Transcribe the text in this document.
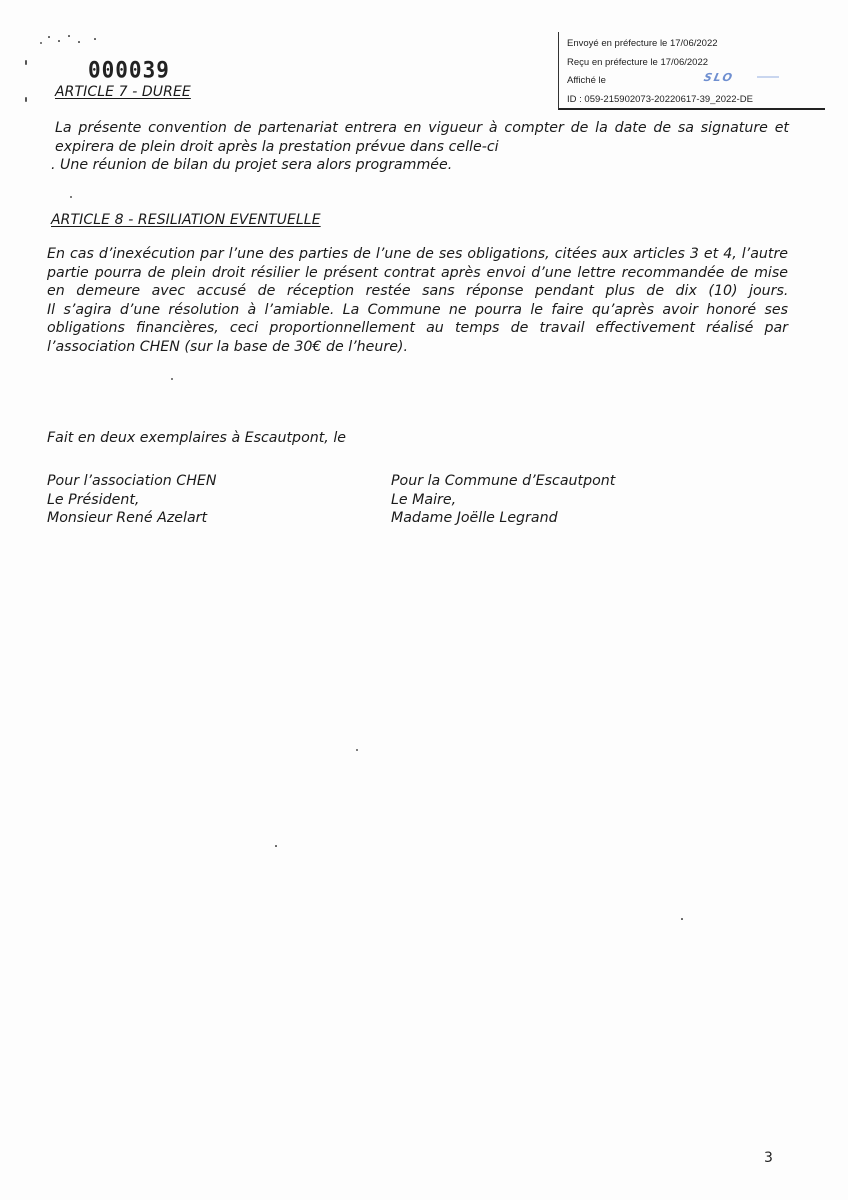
Envoyé en préfecture le 17/06/2022
Reçu en préfecture le 17/06/2022
Affiché le	SLO
ID : 059-215902073-20220617-39_2022-DE
000039
ARTICLE 7 - DUREE
La présente convention de partenariat entrera en vigueur à compter de la date de sa signature et
expirera de plein droit après la prestation prévue dans celle-ci
. Une réunion de bilan du projet sera alors programmée.
ARTICLE 8 - RESILIATION EVENTUELLE
En cas d’inexécution par l’une des parties de l’une de ses obligations, citées aux articles 3 et 4, l’autre
partie pourra de plein droit résilier le présent contrat après envoi d’une lettre recommandée de mise
en demeure avec accusé de réception restée sans réponse pendant plus de dix (10) jours.
Il s’agira d’une résolution à l’amiable. La Commune ne pourra le faire qu’après avoir honoré ses
obligations financières, ceci proportionnellement au temps de travail effectivement réalisé par
l’association CHEN (sur la base de 30€ de l’heure).
Fait en deux exemplaires à Escautpont, le
Pour l’association CHEN
Le Président,
Monsieur René Azelart
Pour la Commune d’Escautpont
Le Maire,
Madame Joëlle Legrand
3
